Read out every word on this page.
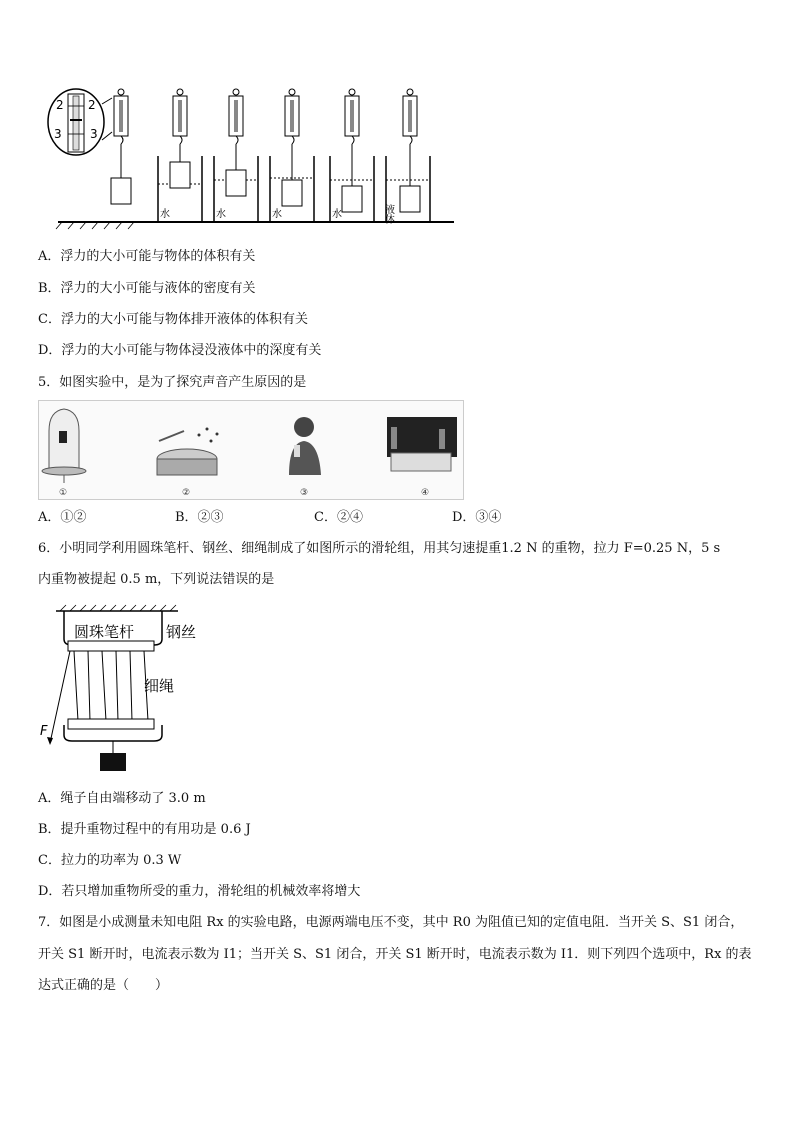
2 2
3 3
水	水	水	水	液体
A．浮力的大小可能与物体的体积有关
B．浮力的大小可能与液体的密度有关
C．浮力的大小可能与物体排开液体的体积有关
D．浮力的大小可能与物体浸没液体中的深度有关
5．如图实验中，是为了探究声音产生原因的是
①	②	③	④
A．①②	B．②③	C．②④	D．③④
6．小明同学利用圆珠笔杆、钢丝、细绳制成了如图所示的滑轮组，用其匀速提重1.2 N 的重物，拉力 F=0.25 N，5 s
内重物被提起 0.5 m，下列说法错误的是
圆珠笔杆 钢丝
细绳
F
A．绳子自由端移动了 3.0 m
B．提升重物过程中的有用功是 0.6 J
C．拉力的功率为 0.3 W
D．若只增加重物所受的重力，滑轮组的机械效率将增大
7．如图是小成测量未知电阻 Rx 的实验电路，电源两端电压不变，其中 R0 为阻值已知的定值电阻．当开关 S、S1 闭合，
开关 S1 断开时，电流表示数为 I1；当开关 S、S1 闭合，开关 S1 断开时，电流表示数为 I1．则下列四个选项中，Rx 的表
达式正确的是（　　）
